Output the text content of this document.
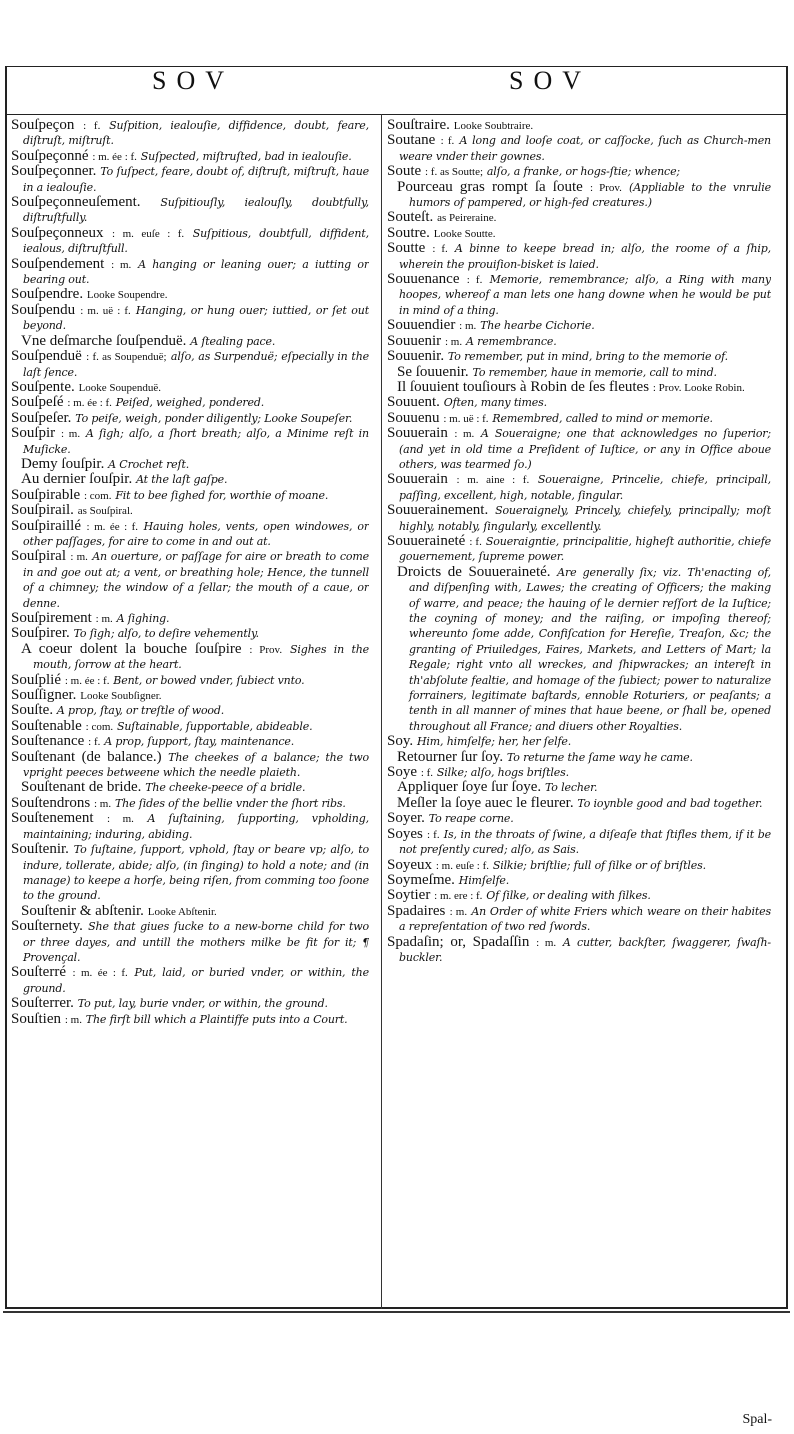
SOV	SOV

Souſpeçon : f. Suſpition, iealouſie, diffidence, doubt, feare, diſtruſt, miſtruſt.

Souſpeçonné : m. ée : f. Suſpected, miſtruſted, bad in iealouſie.

Souſpeçonner. To ſuſpect, feare, doubt of, diſtruſt, miſtruſt, haue in a iealouſie.

Souſpeçonneuſement. Suſpitiouſly, iealouſly, doubtfully, diſtruſtfully.

Souſpeçonneux : m. euſe : f. Suſpitious, doubtfull, diffident, iealous, diſtruſtfull.

Souſpendement : m. A hanging or leaning ouer; a iutting or bearing out.

Souſpendre. Looke Soupendre.

Souſpendu : m. uë : f. Hanging, or hung ouer; iuttied, or ſet out beyond.

Vne deſmarche ſouſpenduë. A ſtealing pace.

Souſpenduë : f. as Soupenduë; alſo, as Surpenduë; eſpecially in the laſt ſence.

Souſpente. Looke Soupenduë.

Souſpeſé : m. ée : f. Peiſed, weighed, pondered.

Souſpeſer. To peiſe, weigh, ponder diligently; Looke Soupeſer.

Souſpir : m. A ſigh; alſo, a ſhort breath; alſo, a Minime reſt in Muſicke.

Demy ſouſpir. A Crochet reſt.

Au dernier ſouſpir. At the laſt gaſpe.

Souſpirable : com. Fit to bee ſighed for, worthie of moane.

Souſpirail. as Souſpiral.

Souſpiraillé : m. ée : f. Hauing holes, vents, open windowes, or other paſſages, for aire to come in and out at.

Souſpiral : m. An ouerture, or paſſage for aire or breath to come in and goe out at; a vent, or breathing hole; Hence, the tunnell of a chimney; the window of a ſellar; the mouth of a caue, or denne.

Souſpirement : m. A ſighing.

Souſpirer. To ſigh; alſo, to deſire vehemently.

A coeur dolent la bouche ſouſpire : Prov. Sighes in the mouth, ſorrow at the heart.

Souſplié : m. ée : f. Bent, or bowed vnder, ſubiect vnto.

Souſſigner. Looke Soubſigner.

Souſte. A prop, ſtay, or treſtle of wood.

Souſtenable : com. Suſtainable, ſupportable, abideable.

Souſtenance : f. A prop, ſupport, ſtay, maintenance.

Souſtenant (de balance.) The cheekes of a balance; the two vpright peeces betweene which the needle plaieth.

Souſtenant de bride. The cheeke-peece of a bridle.

Souſtendrons : m. The ſides of the bellie vnder the ſhort ribs.

Souſtenement : m. A ſuſtaining, ſupporting, vpholding, maintaining; induring, abiding.

Souſtenir. To ſuſtaine, ſupport, vphold, ſtay or beare vp; alſo, to indure, tollerate, abide; alſo, (in ſinging) to hold a note; and (in manage) to keepe a horſe, being riſen, from comming too ſoone to the ground.

Souſtenir & abſtenir. Looke Abſtenir.

Souſternety. She that giues ſucke to a new-borne child for two or three dayes, and untill the mothers milke be fit for it; ¶ Provençal.

Souſterré : m. ée : f. Put, laid, or buried vnder, or within, the ground.

Souſterrer. To put, lay, burie vnder, or within, the ground.

Souſtien : m. The firſt bill which a Plaintiffe puts into a Court.

Souſtraire. Looke Soubtraire.

Soutane : f. A long and looſe coat, or caſſocke, ſuch as Church-men weare vnder their gownes.

Soute : f. as Soutte; alſo, a franke, or hogs-ſtie; whence;

Pourceau gras rompt ſa ſoute : Prov. (Appliable to the vnrulie humors of pampered, or high-fed creatures.)

Souteſt. as Peireraine.

Soutre. Looke Soutte.

Soutte : f. A binne to keepe bread in; alſo, the roome of a ſhip, wherein the prouiſion-bisket is laied.

Souuenance : f. Memorie, remembrance; alſo, a Ring with many hoopes, whereof a man lets one hang downe when he would be put in mind of a thing.

Souuendier : m. The hearbe Cichorie.

Souuenir : m. A remembrance.

Souuenir. To remember, put in mind, bring to the memorie of.

Se ſouuenir. To remember, haue in memorie, call to mind.

Il ſouuient touſiours à Robin de ſes fleutes : Prov. Looke Robin.

Souuent. Often, many times.

Souuenu : m. uë : f. Remembred, called to mind or memorie.

Souuerain : m. A Soueraigne; one that acknowledges no ſuperior; (and yet in old time a Preſident of Iuſtice, or any in Office aboue others, was tearmed ſo.)

Souuerain : m. aine : f. Soueraigne, Princelie, chiefe, principall, paſſing, excellent, high, notable, ſingular.

Souuerainement. Soueraignely, Princely, chiefely, principally; moſt highly, notably, ſingularly, excellently.

Souueraineté : f. Soueraigntie, principalitie, higheſt authoritie, chiefe gouernement, ſupreme power.

Droicts de Souueraineté. Are generally ſix; viz. Th'enacting of, and diſpenſing with, Lawes; the creating of Officers; the making of warre, and peace; the hauing of le dernier reſſort de la Iuſtice; the coyning of money; and the raiſing, or impoſing thereof; whereunto ſome adde, Confiſcation for Hereſie, Treaſon, &c; the granting of Priuiledges, Faires, Markets, and Letters of Mart; la Regale; right vnto all wreckes, and ſhipwrackes; an intereſt in th'abſolute fealtie, and homage of the ſubiect; power to naturalize forrainers, legitimate baſtards, ennoble Roturiers, or peaſants; a tenth in all manner of mines that haue beene, or ſhall be, opened throughout all France; and diuers other Royalties.

Soy. Him, himſelfe; her, her ſelfe.

Retourner ſur ſoy. To returne the ſame way he came.

Soye : f. Silke; alſo, hogs briſtles.

Appliquer ſoye ſur ſoye. To lecher.

Meſler la ſoye auec le fleurer. To ioynble good and bad together.

Soyer. To reape corne.

Soyes : f. Is, in the throats of ſwine, a diſeaſe that ſtifles them, if it be not preſently cured; alſo, as Sais.

Soyeux : m. euſe : f. Silkie; briſtlie; full of ſilke or of briſtles.

Soymeſme. Himſelfe.

Soytier : m. ere : f. Of ſilke, or dealing with ſilkes.

Spadaires : m. An Order of white Friers which weare on their habites a repreſentation of two red ſwords.

Spadaſin; or, Spadaſſin : m. A cutter, backſter, ſwaggerer, ſwaſh-buckler.

Spal-
